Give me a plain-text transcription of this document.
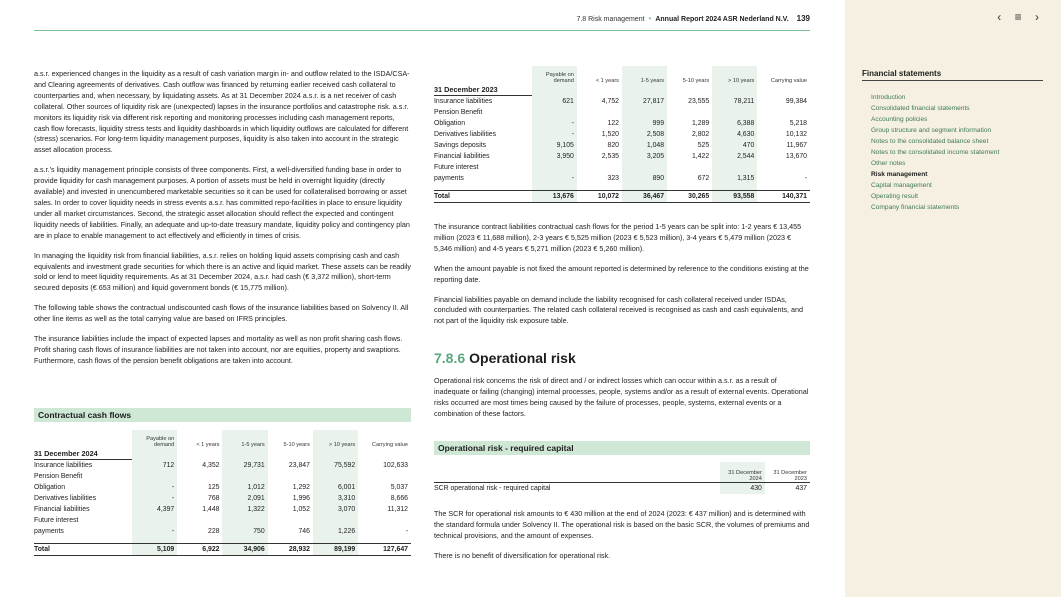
7.8 Risk management • Annual Report 2024 ASR Nederland N.V. 139

a.s.r. experienced changes in the liquidity as a result of cash variation margin in- and outflow related to the ISDA/CSA- and Clearing agreements of derivatives. Cash outflow was financed by returning earlier received cash collateral to counterparties and, when necessary, by liquidating assets. As at 31 December 2024 a.s.r. is a net receiver of cash collateral. Other sources of liquidity risk are (unexpected) lapses in the insurance portfolios and catastrophe risk. a.s.r. monitors its liquidity risk via different risk reporting and monitoring processes including cash management reports, cash flow forecasts, liquidity stress tests and liquidity dashboards in which liquidity outflows are calculated for different (stress) scenarios. For long-term liquidity management purposes, liquidity is also taken into account in the strategic asset allocation process.

a.s.r.'s liquidity management principle consists of three components. First, a well-diversified funding base in order to provide liquidity for cash management purposes. A portion of assets must be held in overnight liquidity (directly available) and invested in unencumbered marketable securities so it can be used for collateralised borrowing or asset sales. In order to cover liquidity needs in stress events a.s.r. has committed repo-facilities in place to ensure liquidity under all market circumstances. Second, the strategic asset allocation should reflect the expected and contingent liquidity needs of liabilities. Finally, an adequate and up-to-date treasury mandate, liquidity policy and contingency plan are in place to enable management to act effectively and efficiently in times of crisis.

In managing the liquidity risk from financial liabilities, a.s.r. relies on holding liquid assets comprising cash and cash equivalents and investment grade securities for which there is an active and liquid market. These assets can be readily sold or lend to meet liquidity requirements. As at 31 December 2024, a.s.r. had cash (€ 3,372 million), short-term secured deposits (€ 653 million) and liquid government bonds (€ 15,775 million).

The following table shows the contractual undiscounted cash flows of the insurance liabilities based on Solvency II. All other line items as well as the total carrying value are based on IFRS principles.

The insurance liabilities include the impact of expected lapses and mortality as well as non profit sharing cash flows. Profit sharing cash flows of insurance liabilities are not taken into account, nor are equities, property and swaptions. Furthermore, cash flows of the pension benefit obligations are taken into account.

Contractual cash flows
	Payable on demand	< 1 years	1-5 years	5-10 years	> 10 years	Carrying value
31 December 2024						
Insurance liabilities	712	4,352	29,731	23,847	75,592	102,633
Pension Benefit						
Obligation	-	125	1,012	1,292	6,001	5,037
Derivatives liabilities	-	768	2,091	1,996	3,310	8,666
Financial liabilities	4,397	1,448	1,322	1,052	3,070	11,312
Future interest						
payments	-	228	750	746	1,226	-

Total	5,109	6,922	34,906	28,932	89,199	127,647
	Payable on demand	< 1 years	1-5 years	5-10 years	> 10 years	Carrying value
31 December 2023						
Insurance liabilities	621	4,752	27,817	23,555	78,211	99,384
Pension Benefit						
Obligation	-	122	999	1,289	6,388	5,218
Derivatives liabilities	-	1,520	2,508	2,802	4,630	10,132
Savings deposits	9,105	820	1,048	525	470	11,967
Financial liabilities	3,950	2,535	3,205	1,422	2,544	13,670
Future interest						
payments	-	323	890	672	1,315	-

Total	13,676	10,072	36,467	30,265	93,558	140,371

The insurance contract liabilities contractual cash flows for the period 1-5 years can be split into: 1-2 years € 13,455 million (2023 € 11,688 million), 2-3 years € 5,525 million (2023 € 5,523 million), 3-4 years € 5,479 million (2023 € 5,346 million) and 4-5 years € 5,271 million (2023 € 5,260 million).

When the amount payable is not fixed the amount reported is determined by reference to the conditions existing at the reporting date.

Financial liabilities payable on demand include the liability recognised for cash collateral received under ISDAs, concluded with counterparties. The related cash collateral received is recognised as cash and cash equivalents, and not part of the liquidity risk exposure table.

7.8.6 Operational risk

Operational risk concerns the risk of direct and / or indirect losses which can occur within a.s.r. as a result of inadequate or failing (changing) internal processes, people, systems and/or as a result of external events. Operational risks occurred are most times being caused by the failure of processes, people, systems, external events or a combination of these factors.

Operational risk - required capital
	31 December 2024	31 December 2023
SCR operational risk - required capital	430	437

The SCR for operational risk amounts to € 430 million at the end of 2024 (2023: € 437 million) and is determined with the standard formula under Solvency II. The operational risk is based on the basic SCR, the volumes of premiums and technical provisions, and the amount of expenses.

There is no benefit of diversification for operational risk.

‹ ≡ ›
Financial statements
Introduction
Consolidated financial statements
Accounting policies
Group structure and segment information
Notes to the consolidated balance sheet
Notes to the consolidated income statement
Other notes
Risk management
Capital management
Operating result
Company financial statements
